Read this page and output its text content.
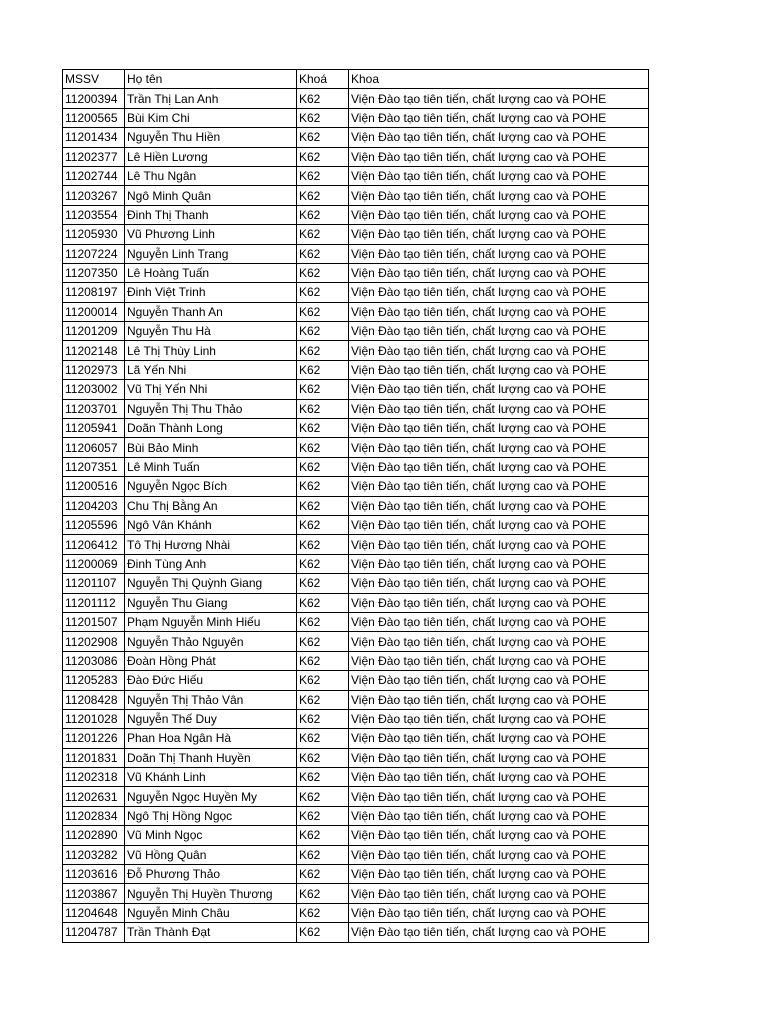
MSSV	Họ tên	Khoá	Khoa
11200394	Trần Thị Lan Anh	K62	Viện Đào tạo tiên tiến, chất lượng cao và POHE
11200565	Bùi Kim Chi	K62	Viện Đào tạo tiên tiến, chất lượng cao và POHE
11201434	Nguyễn Thu Hiền	K62	Viện Đào tạo tiên tiến, chất lượng cao và POHE
11202377	Lê Hiền Lương	K62	Viện Đào tạo tiên tiến, chất lượng cao và POHE
11202744	Lê Thu Ngân	K62	Viện Đào tạo tiên tiến, chất lượng cao và POHE
11203267	Ngô Minh Quân	K62	Viện Đào tạo tiên tiến, chất lượng cao và POHE
11203554	Đinh Thị Thanh	K62	Viện Đào tạo tiên tiến, chất lượng cao và POHE
11205930	Vũ Phương Linh	K62	Viện Đào tạo tiên tiến, chất lượng cao và POHE
11207224	Nguyễn Linh Trang	K62	Viện Đào tạo tiên tiến, chất lượng cao và POHE
11207350	Lê Hoàng Tuấn	K62	Viện Đào tạo tiên tiến, chất lượng cao và POHE
11208197	Đinh Việt Trinh	K62	Viện Đào tạo tiên tiến, chất lượng cao và POHE
11200014	Nguyễn Thanh An	K62	Viện Đào tạo tiên tiến, chất lượng cao và POHE
11201209	Nguyễn Thu Hà	K62	Viện Đào tạo tiên tiến, chất lượng cao và POHE
11202148	Lê Thị Thùy Linh	K62	Viện Đào tạo tiên tiến, chất lượng cao và POHE
11202973	Lã Yến Nhi	K62	Viện Đào tạo tiên tiến, chất lượng cao và POHE
11203002	Vũ Thị Yến Nhi	K62	Viện Đào tạo tiên tiến, chất lượng cao và POHE
11203701	Nguyễn Thị Thu Thảo	K62	Viện Đào tạo tiên tiến, chất lượng cao và POHE
11205941	Doãn Thành Long	K62	Viện Đào tạo tiên tiến, chất lượng cao và POHE
11206057	Bùi Bảo Minh	K62	Viện Đào tạo tiên tiến, chất lượng cao và POHE
11207351	Lê Minh Tuấn	K62	Viện Đào tạo tiên tiến, chất lượng cao và POHE
11200516	Nguyễn Ngọc Bích	K62	Viện Đào tạo tiên tiến, chất lượng cao và POHE
11204203	Chu Thị Bằng An	K62	Viện Đào tạo tiên tiến, chất lượng cao và POHE
11205596	Ngô Vân Khánh	K62	Viện Đào tạo tiên tiến, chất lượng cao và POHE
11206412	Tô Thị Hương Nhài	K62	Viện Đào tạo tiên tiến, chất lượng cao và POHE
11200069	Đinh Tùng Anh	K62	Viện Đào tạo tiên tiến, chất lượng cao và POHE
11201107	Nguyễn Thị Quỳnh Giang	K62	Viện Đào tạo tiên tiến, chất lượng cao và POHE
11201112	Nguyễn Thu Giang	K62	Viện Đào tạo tiên tiến, chất lượng cao và POHE
11201507	Phạm Nguyễn Minh Hiếu	K62	Viện Đào tạo tiên tiến, chất lượng cao và POHE
11202908	Nguyễn Thảo Nguyên	K62	Viện Đào tạo tiên tiến, chất lượng cao và POHE
11203086	Đoàn Hồng Phát	K62	Viện Đào tạo tiên tiến, chất lượng cao và POHE
11205283	Đào Đức Hiếu	K62	Viện Đào tạo tiên tiến, chất lượng cao và POHE
11208428	Nguyễn Thị Thảo Vân	K62	Viện Đào tạo tiên tiến, chất lượng cao và POHE
11201028	Nguyễn Thế Duy	K62	Viện Đào tạo tiên tiến, chất lượng cao và POHE
11201226	Phan Hoa Ngân Hà	K62	Viện Đào tạo tiên tiến, chất lượng cao và POHE
11201831	Doãn Thị Thanh Huyền	K62	Viện Đào tạo tiên tiến, chất lượng cao và POHE
11202318	Vũ Khánh Linh	K62	Viện Đào tạo tiên tiến, chất lượng cao và POHE
11202631	Nguyễn Ngọc Huyền My	K62	Viện Đào tạo tiên tiến, chất lượng cao và POHE
11202834	Ngô Thị Hồng Ngọc	K62	Viện Đào tạo tiên tiến, chất lượng cao và POHE
11202890	Vũ Minh Ngọc	K62	Viện Đào tạo tiên tiến, chất lượng cao và POHE
11203282	Vũ Hồng Quân	K62	Viện Đào tạo tiên tiến, chất lượng cao và POHE
11203616	Đỗ Phương Thảo	K62	Viện Đào tạo tiên tiến, chất lượng cao và POHE
11203867	Nguyễn Thị Huyền Thương	K62	Viện Đào tạo tiên tiến, chất lượng cao và POHE
11204648	Nguyễn Minh Châu	K62	Viện Đào tạo tiên tiến, chất lượng cao và POHE
11204787	Trần Thành Đạt	K62	Viện Đào tạo tiên tiến, chất lượng cao và POHE
